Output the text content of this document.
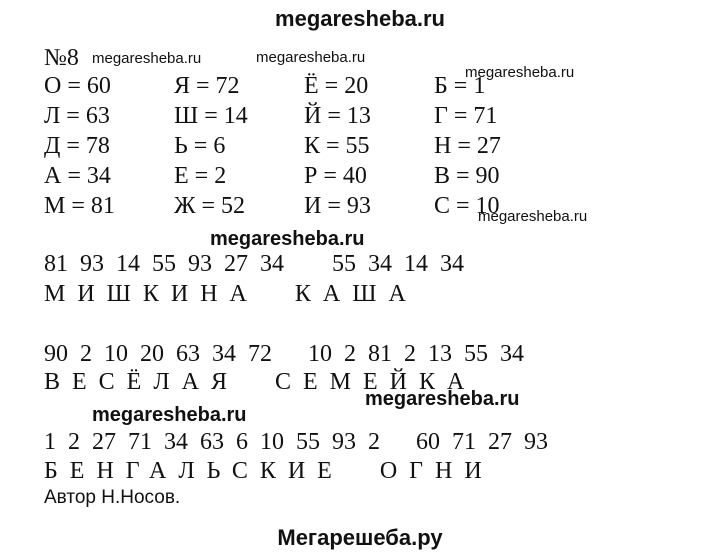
megaresheba.ru
№8
О = 60	Я = 72	Ё = 20	Б = 1
Л = 63	Ш = 14	Й = 13	Г = 71
Д = 78	Ь = 6	К = 55	Н = 27
А = 34	Е = 2	Р = 40	В = 90
М = 81	Ж = 52	И = 93	С = 10
81  93  14  55  93  27  34        55  34  14  34
МИШКИНА  КАША
90  2  10  20  63  34  72      10  2  81  2  13  55  34
ВЕСЁЛАЯ  СЕМЕЙКА
1  2  27  71  34  63  6  10  55  93  2      60  71  27  93
БЕНГАЛЬСКИЕ  ОГНИ
Автор Н.Носов.
megaresheba.ru	megaresheba.ru
megaresheba.ru
megaresheba.ru
megaresheba.ru
megaresheba.ru
megaresheba.ru
Мегарешеба.ру
